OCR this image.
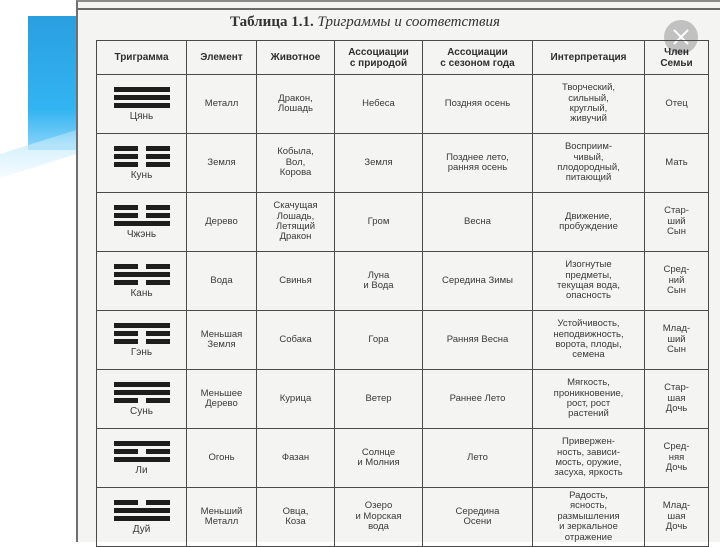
Таблица 1.1. Триграммы и соответствия
Триграмма	Элемент	Животное	Ассоциации
с природой	Ассоциации
с сезоном года	Интерпретация	Член
Семьи

Цянь	Металл	Дракон,
Лошадь	Небеса	Поздняя осень	Творческий,
сильный,
круглый,
живучий	Отец

Кунь	Земля	Кобыла,
Вол,
Корова	Земля	Позднее лето,
ранняя осень	Восприим-
чивый,
плодородный,
питающий	Мать

Чжэнь	Дерево	Скачущая
Лошадь,
Летящий
Дракон	Гром	Весна	Движение,
пробуждение	Стар-
ший
Сын

Кань	Вода	Свинья	Луна
и Вода	Середина Зимы	Изогнутые
предметы,
текущая вода,
опасность	Сред-
ний
Сын

Гэнь	Меньшая
Земля	Собака	Гора	Ранняя Весна	Устойчивость,
неподвижность,
ворота, плоды,
семена	Млад-
ший
Сын

Сунь	Меньшее
Дерево	Курица	Ветер	Раннее Лето	Мягкость,
проникновение,
рост, рост
растений	Стар-
шая
Дочь

Ли	Огонь	Фазан	Солнце
и Молния	Лето	Привержен-
ность, зависи-
мость, оружие,
засуха, яркость	Сред-
няя
Дочь

Дуй	Меньший
Металл	Овца,
Коза	Озеро
и Морская
вода	Середина
Осени	Радость,
ясность,
размышления
и зеркальное
отражение	Млад-
шая
Дочь
